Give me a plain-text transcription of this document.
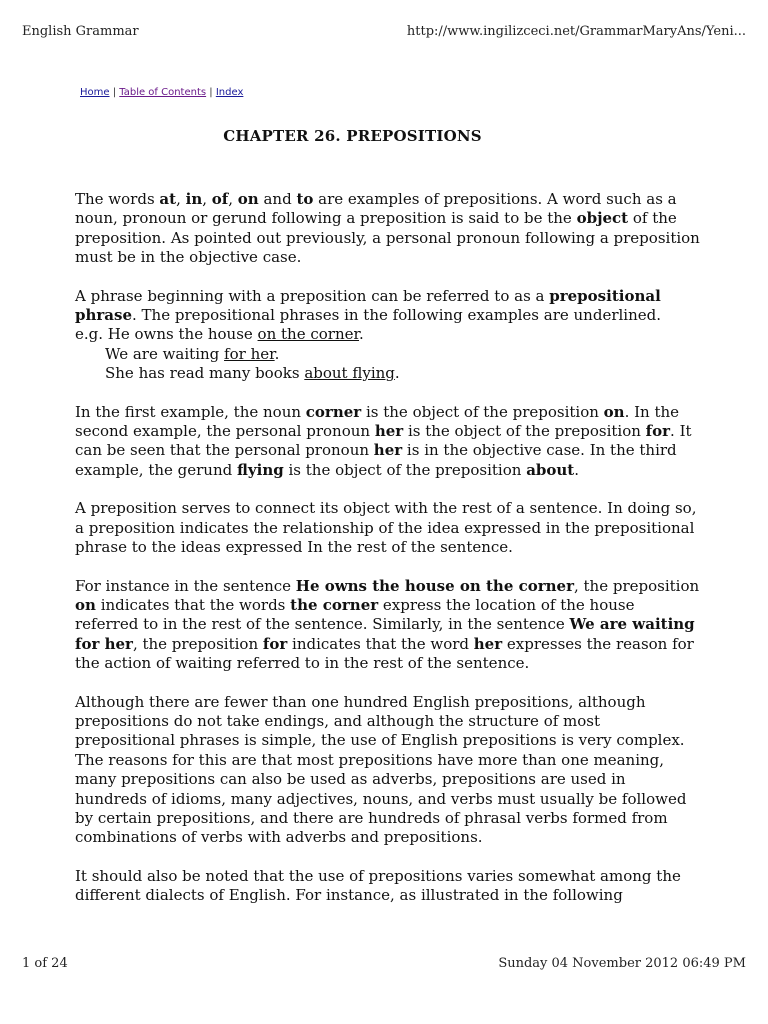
English Grammar	http://www.ingilizceci.net/GrammarMaryAns/Yeni...
Home | Table of Contents | Index
CHAPTER 26. PREPOSITIONS

The words at, in, of, on and to are examples of prepositions. A word such as a noun, pronoun or gerund following a preposition is said to be the object of the preposition. As pointed out previously, a personal pronoun following a preposition must be in the objective case.

A phrase beginning with a preposition can be referred to as a prepositional phrase. The prepositional phrases in the following examples are underlined.
e.g. He owns the house on the corner.
We are waiting for her.
She has read many books about flying.

In the first example, the noun corner is the object of the preposition on. In the second example, the personal pronoun her is the object of the preposition for. It can be seen that the personal pronoun her is in the objective case. In the third example, the gerund flying is the object of the preposition about.

A preposition serves to connect its object with the rest of a sentence. In doing so, a preposition indicates the relationship of the idea expressed in the prepositional phrase to the ideas expressed In the rest of the sentence.

For instance in the sentence He owns the house on the corner, the preposition on indicates that the words the corner express the location of the house referred to in the rest of the sentence. Similarly, in the sentence We are waiting for her, the preposition for indicates that the word her expresses the reason for the action of waiting referred to in the rest of the sentence.

Although there are fewer than one hundred English prepositions, although prepositions do not take endings, and although the structure of most prepositional phrases is simple, the use of English prepositions is very complex. The reasons for this are that most prepositions have more than one meaning, many prepositions can also be used as adverbs, prepositions are used in hundreds of idioms, many adjectives, nouns, and verbs must usually be followed by certain prepositions, and there are hundreds of phrasal verbs formed from combinations of verbs with adverbs and prepositions.

It should also be noted that the use of prepositions varies somewhat among the different dialects of English. For instance, as illustrated in the following

1 of 24	Sunday 04 November 2012 06:49 PM
